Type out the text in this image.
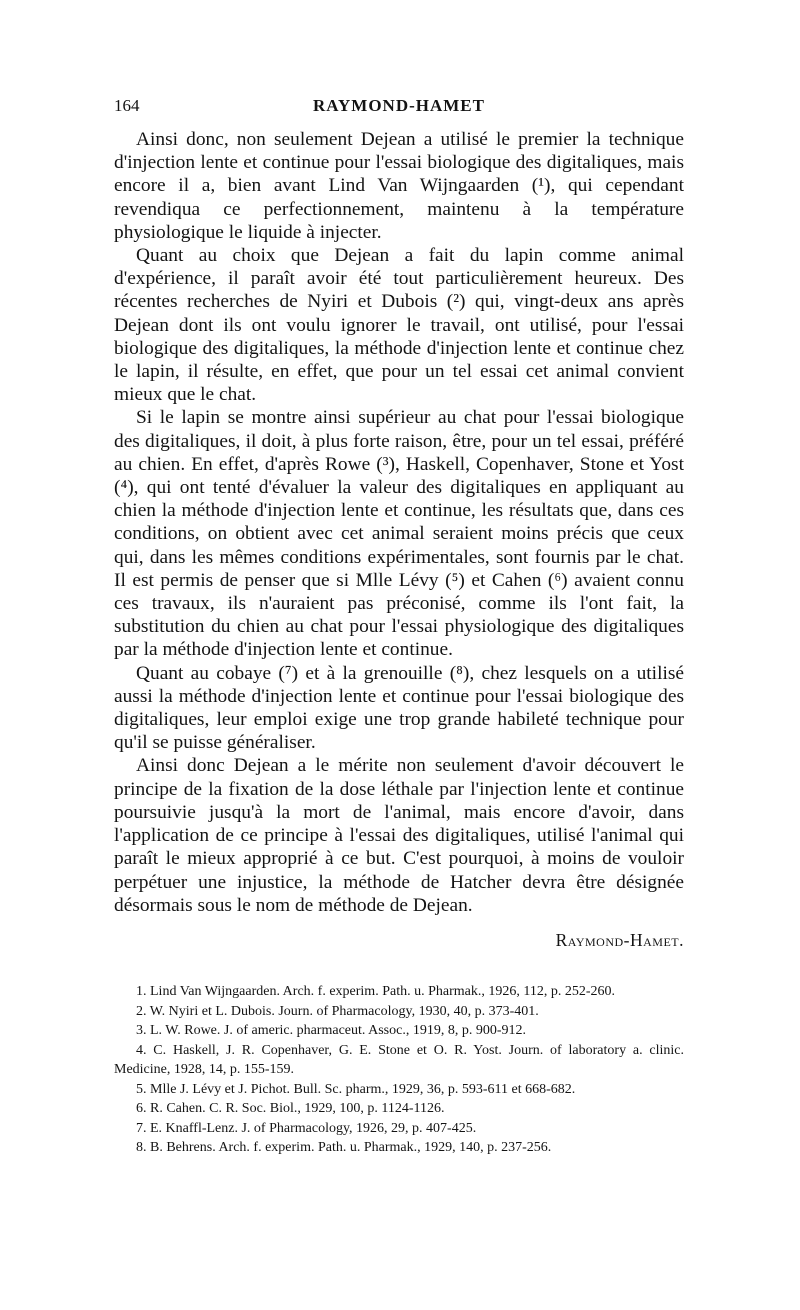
164	RAYMOND-HAMET

Ainsi donc, non seulement Dejean a utilisé le premier la technique d'injection lente et continue pour l'essai biologique des digitaliques, mais encore il a, bien avant Lind Van Wijngaarden (¹), qui cependant revendiqua ce perfectionnement, maintenu à la température physiologique le liquide à injecter.

Quant au choix que Dejean a fait du lapin comme animal d'expérience, il paraît avoir été tout particulièrement heureux. Des récentes recherches de Nyiri et Dubois (²) qui, vingt-deux ans après Dejean dont ils ont voulu ignorer le travail, ont utilisé, pour l'essai biologique des digitaliques, la méthode d'injection lente et continue chez le lapin, il résulte, en effet, que pour un tel essai cet animal convient mieux que le chat.

Si le lapin se montre ainsi supérieur au chat pour l'essai biologique des digitaliques, il doit, à plus forte raison, être, pour un tel essai, préféré au chien. En effet, d'après Rowe (³), Haskell, Copenhaver, Stone et Yost (⁴), qui ont tenté d'évaluer la valeur des digitaliques en appliquant au chien la méthode d'injection lente et continue, les résultats que, dans ces conditions, on obtient avec cet animal seraient moins précis que ceux qui, dans les mêmes conditions expérimentales, sont fournis par le chat. Il est permis de penser que si Mlle Lévy (⁵) et Cahen (⁶) avaient connu ces travaux, ils n'auraient pas préconisé, comme ils l'ont fait, la substitution du chien au chat pour l'essai physiologique des digitaliques par la méthode d'injection lente et continue.

Quant au cobaye (⁷) et à la grenouille (⁸), chez lesquels on a utilisé aussi la méthode d'injection lente et continue pour l'essai biologique des digitaliques, leur emploi exige une trop grande habileté technique pour qu'il se puisse généraliser.

Ainsi donc Dejean a le mérite non seulement d'avoir découvert le principe de la fixation de la dose léthale par l'injection lente et continue poursuivie jusqu'à la mort de l'animal, mais encore d'avoir, dans l'application de ce principe à l'essai des digitaliques, utilisé l'animal qui paraît le mieux approprié à ce but. C'est pourquoi, à moins de vouloir perpétuer une injustice, la méthode de Hatcher devra être désignée désormais sous le nom de méthode de Dejean.

Raymond-Hamet.

1. Lind Van Wijngaarden. Arch. f. experim. Path. u. Pharmak., 1926, 112, p. 252-260.

2. W. Nyiri et L. Dubois. Journ. of Pharmacology, 1930, 40, p. 373-401.

3. L. W. Rowe. J. of americ. pharmaceut. Assoc., 1919, 8, p. 900-912.

4. C. Haskell, J. R. Copenhaver, G. E. Stone et O. R. Yost. Journ. of laboratory a. clinic. Medicine, 1928, 14, p. 155-159.

5. Mlle J. Lévy et J. Pichot. Bull. Sc. pharm., 1929, 36, p. 593-611 et 668-682.

6. R. Cahen. C. R. Soc. Biol., 1929, 100, p. 1124-1126.

7. E. Knaffl-Lenz. J. of Pharmacology, 1926, 29, p. 407-425.

8. B. Behrens. Arch. f. experim. Path. u. Pharmak., 1929, 140, p. 237-256.
